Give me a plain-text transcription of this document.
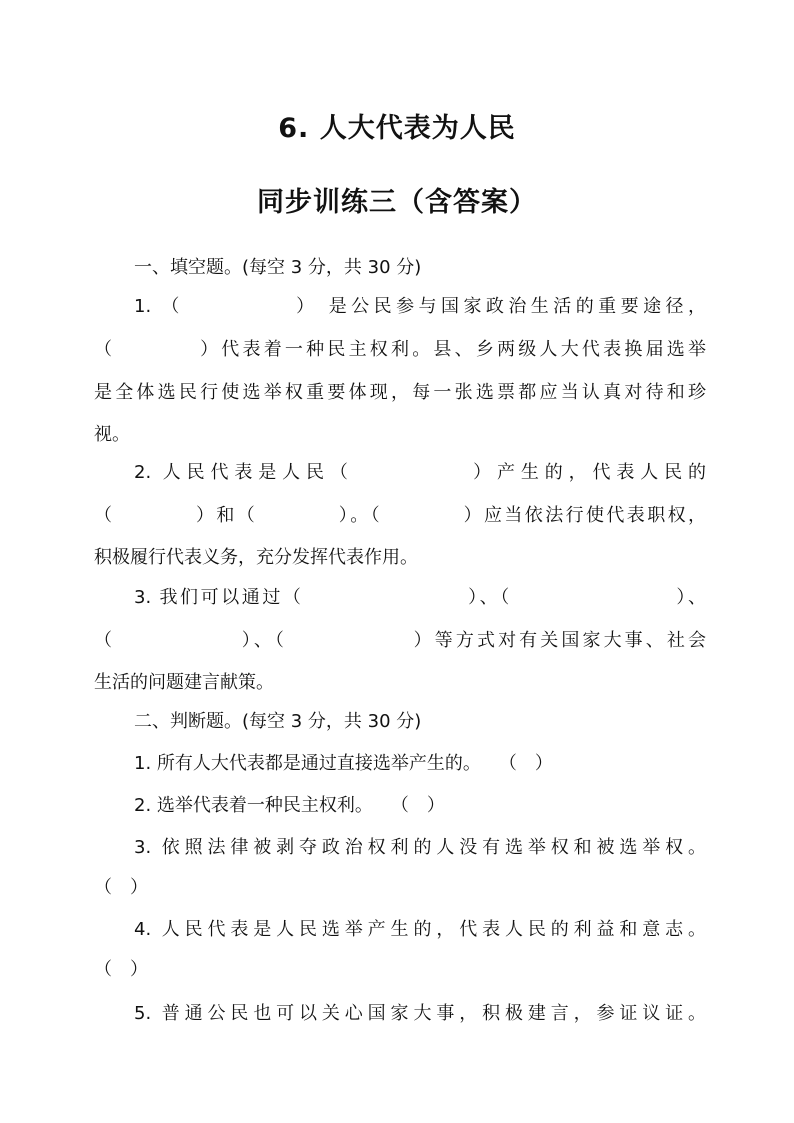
6. 人大代表为人民
同步训练三（含答案）
一、填空题。(每空 3 分，共 30 分)
1. （　　　　　） 是公民参与国家政治生活的重要途径，
（　　　　）代表着一种民主权利。县、乡两级人大代表换届选举
是全体选民行使选举权重要体现，每一张选票都应当认真对待和珍
视。
2. 人民代表是人民（　　　　　）产生的，代表人民的
（　　　　）和（　　　　）。（　　　　）应当依法行使代表职权，
积极履行代表义务，充分发挥代表作用。
3. 我们可以通过（　　　　　　　　）、（　　　　　　　　）、
（　　　　　　）、（　　　　　　）等方式对有关国家大事、社会
生活的问题建言献策。
二、判断题。(每空 3 分，共 30 分)
1. 所有人大代表都是通过直接选举产生的。　　（　）
2. 选举代表着一种民主权利。　　（　）
3. 依照法律被剥夺政治权利的人没有选举权和被选举权。
（　）
4. 人民代表是人民选举产生的，代表人民的利益和意志。
（　）
5. 普通公民也可以关心国家大事，积极建言，参证议证。
